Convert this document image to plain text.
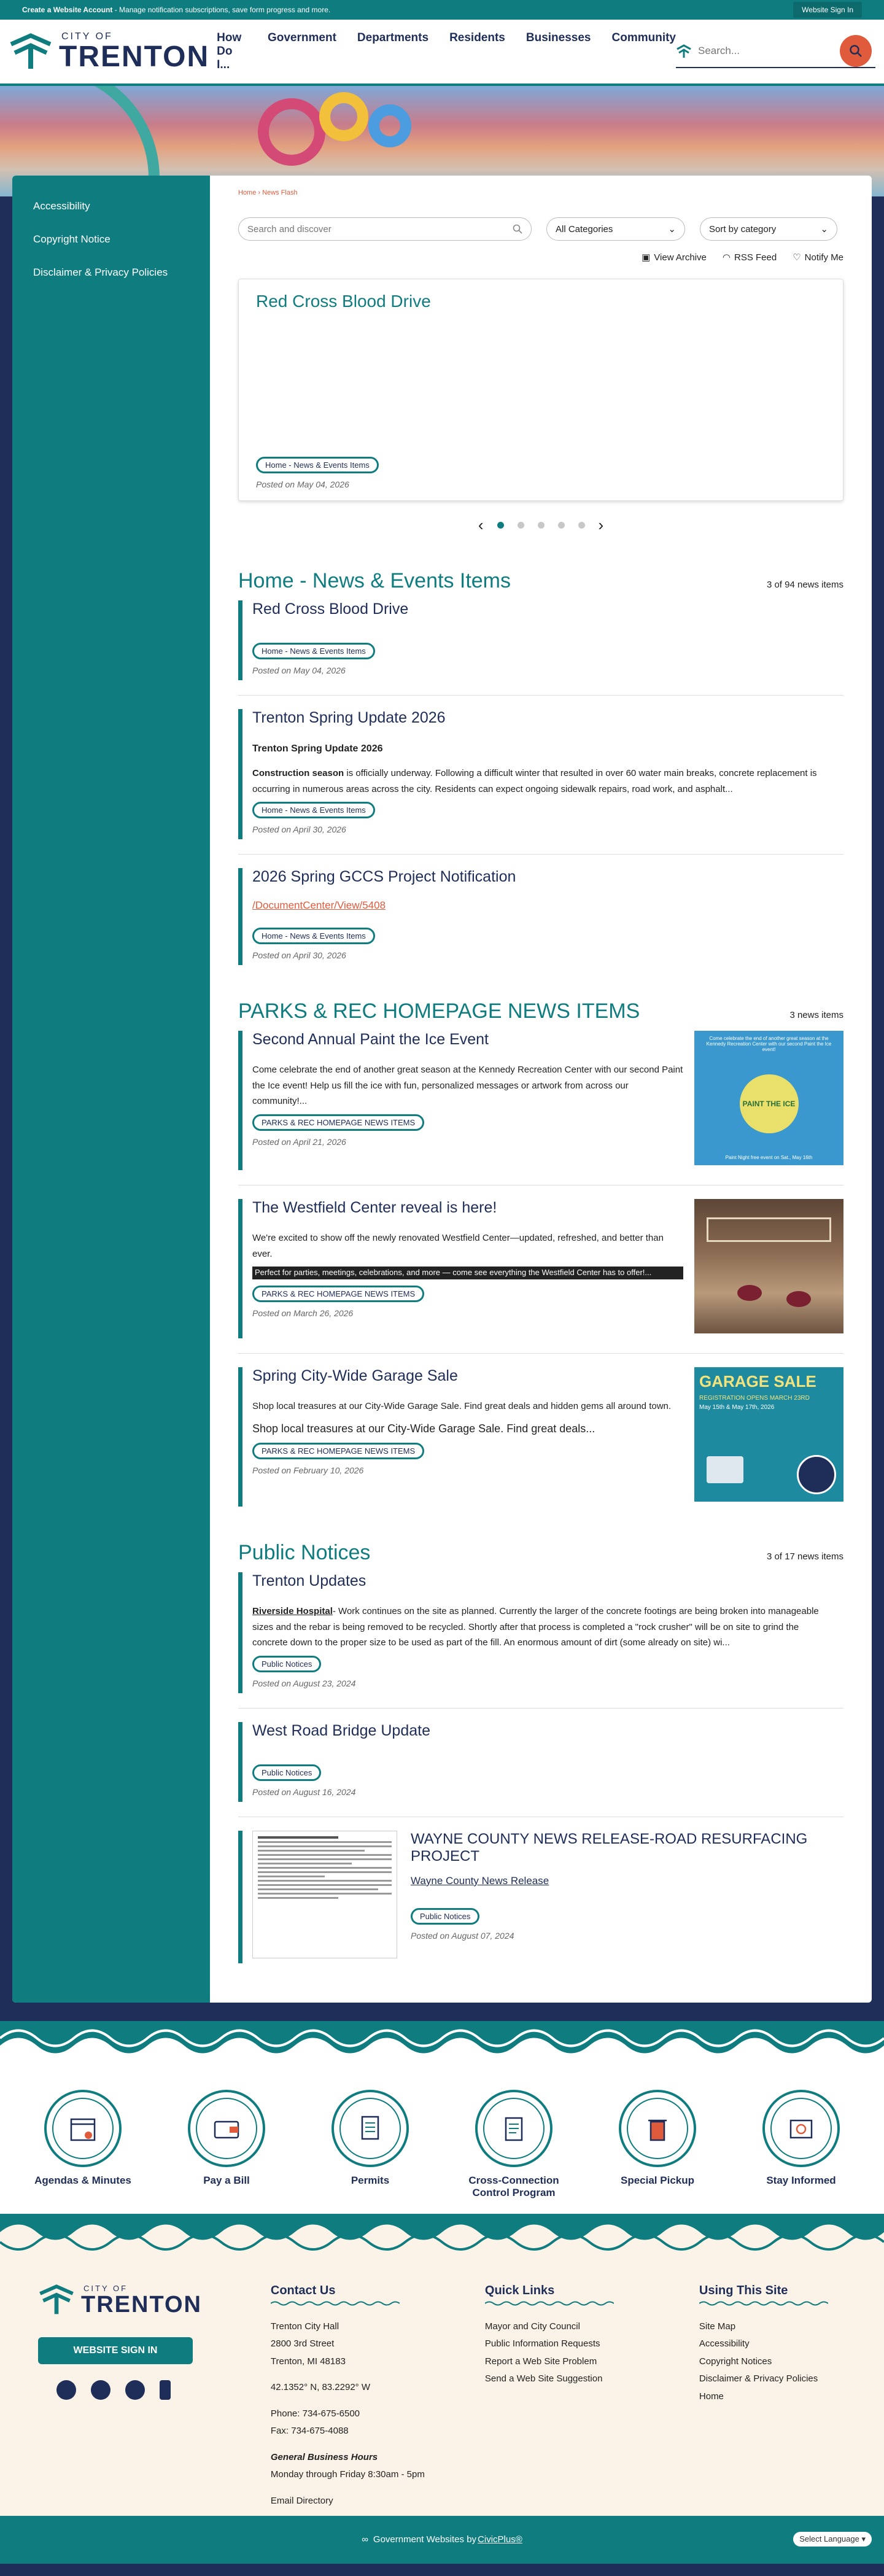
Create a Website Account - Manage notification subscriptions, save form progress and more.	Website Sign In
CITY OF
TRENTON
How Do I...
Government Departments Residents Businesses Community
Search...
Accessibility
Copyright Notice
Disclaimer & Privacy Policies
Home › News Flash
Search and discover	All Categories	⌄	Sort by category	⌄
▣ View Archive ◠ RSS Feed ♡ Notify Me
Red Cross Blood Drive
Home - News & Events Items
Posted on May 04, 2026
‹	›
Home - News & Events Items	3 of 94 news items
Red Cross Blood Drive
Home - News & Events Items
Posted on May 04, 2026
Trenton Spring Update 2026

Trenton Spring Update 2026

Construction season is officially underway. Following a difficult winter that resulted in over 60 water main breaks, concrete replacement is occurring in numerous areas across the city. Residents can expect ongoing sidewalk repairs, road work, and asphalt...

Home - News & Events Items
Posted on April 30, 2026
2026 Spring GCCS Project Notification
/DocumentCenter/View/5408
Home - News & Events Items
Posted on April 30, 2026
PARKS & REC HOMEPAGE NEWS ITEMS	3 news items
Second Annual Paint the Ice Event

Come celebrate the end of another great season at the Kennedy Recreation Center with our second Paint the Ice event! Help us fill the ice with fun, personalized messages or artwork from across our community!...

PARKS & REC HOMEPAGE NEWS ITEMS
Posted on April 21, 2026
Come celebrate the end of another great season at the Kennedy Recreation Center with our second Paint the Ice event!
PAINT THE ICE
Paint Night free event on Sat., May 16th
The Westfield Center reveal is here!

We're excited to show off the newly renovated Westfield Center—updated, refreshed, and better than ever.

Perfect for parties, meetings, celebrations, and more — come see everything the Westfield Center has to offer!...

PARKS & REC HOMEPAGE NEWS ITEMS
Posted on March 26, 2026
Spring City-Wide Garage Sale

Shop local treasures at our City-Wide Garage Sale. Find great deals and hidden gems all around town.

Shop local treasures at our City-Wide Garage Sale. Find great deals...

PARKS & REC HOMEPAGE NEWS ITEMS
Posted on February 10, 2026
GARAGE SALE
REGISTRATION OPENS MARCH 23RD
May 15th & May 17th, 2026
Public Notices	3 of 17 news items
Trenton Updates

Riverside Hospital- Work continues on the site as planned. Currently the larger of the concrete footings are being broken into manageable sizes and the rebar is being removed to be recycled. Shortly after that process is completed a "rock crusher" will be on site to grind the concrete down to the proper size to be used as part of the fill. An enormous amount of dirt (some already on site) wi...

Public Notices
Posted on August 23, 2024
West Road Bridge Update
Public Notices
Posted on August 16, 2024
WAYNE COUNTY NEWS RELEASE-ROAD RESURFACING PROJECT
Wayne County News Release
Public Notices
Posted on August 07, 2024
Agendas & Minutes	Pay a Bill	Permits	Cross-Connection Control Program
Special Pickup	Stay Informed
CITY OF
TRENTON
WEBSITE SIGN IN
Contact Us

Trenton City Hall

2800 3rd Street

Trenton, MI 48183

42.1352° N, 83.2292° W

Phone: 734-675-6500

Fax: 734-675-4088

General Business Hours

Monday through Friday 8:30am - 5pm

Email Directory
Quick Links
Mayor and City Council
Public Information Requests
Report a Web Site Problem
Send a Web Site Suggestion
Using This Site
Site Map
Accessibility
Copyright Notices
Disclaimer & Privacy Policies
Home
∞ Government Websites by CivicPlus®	Select Language ▾
